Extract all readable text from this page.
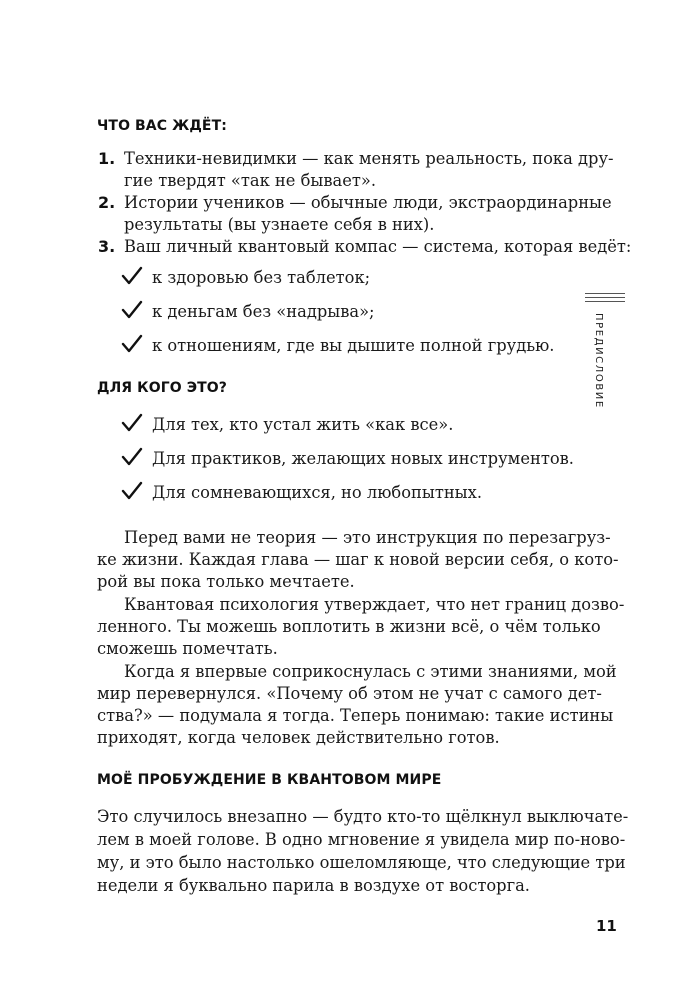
ЧТО ВАС ЖДЁТ:
1. Техники-невидимки — как менять реальность, пока дру-
гие твердят «так не бывает».
2. Истории учеников — обычные люди, экстраординарные
результаты (вы узнаете себя в них).
3. Ваш личный квантовый компас — система, которая ведёт:
к здоровью без таблеток;
к деньгам без «надрыва»;
к отношениям, где вы дышите полной грудью.
ДЛЯ КОГО ЭТО?
Для тех, кто устал жить «как все».
Для практиков, желающих новых инструментов.
Для сомневающихся, но любопытных.
Перед вами не теория — это инструкция по перезагруз-
ке жизни. Каждая глава — шаг к новой версии себя, о кото-
рой вы пока только мечтаете.
Квантовая психология утверждает, что нет границ дозво-
ленного. Ты можешь воплотить в жизни всё, о чём только
сможешь помечтать.
Когда я впервые соприкоснулась с этими знаниями, мой
мир перевернулся. «Почему об этом не учат с самого дет-
ства?» — подумала я тогда. Теперь понимаю: такие истины
приходят, когда человек действительно готов.
МОЁ ПРОБУЖДЕНИЕ В КВАНТОВОМ МИРЕ
Это случилось внезапно — будто кто-то щёлкнул выключате-
лем в моей голове. В одно мгновение я увидела мир по-ново-
му, и это было настолько ошеломляюще, что следующие три
недели я буквально парила в воздухе от восторга.
ПРЕДИСЛОВИЕ
11
